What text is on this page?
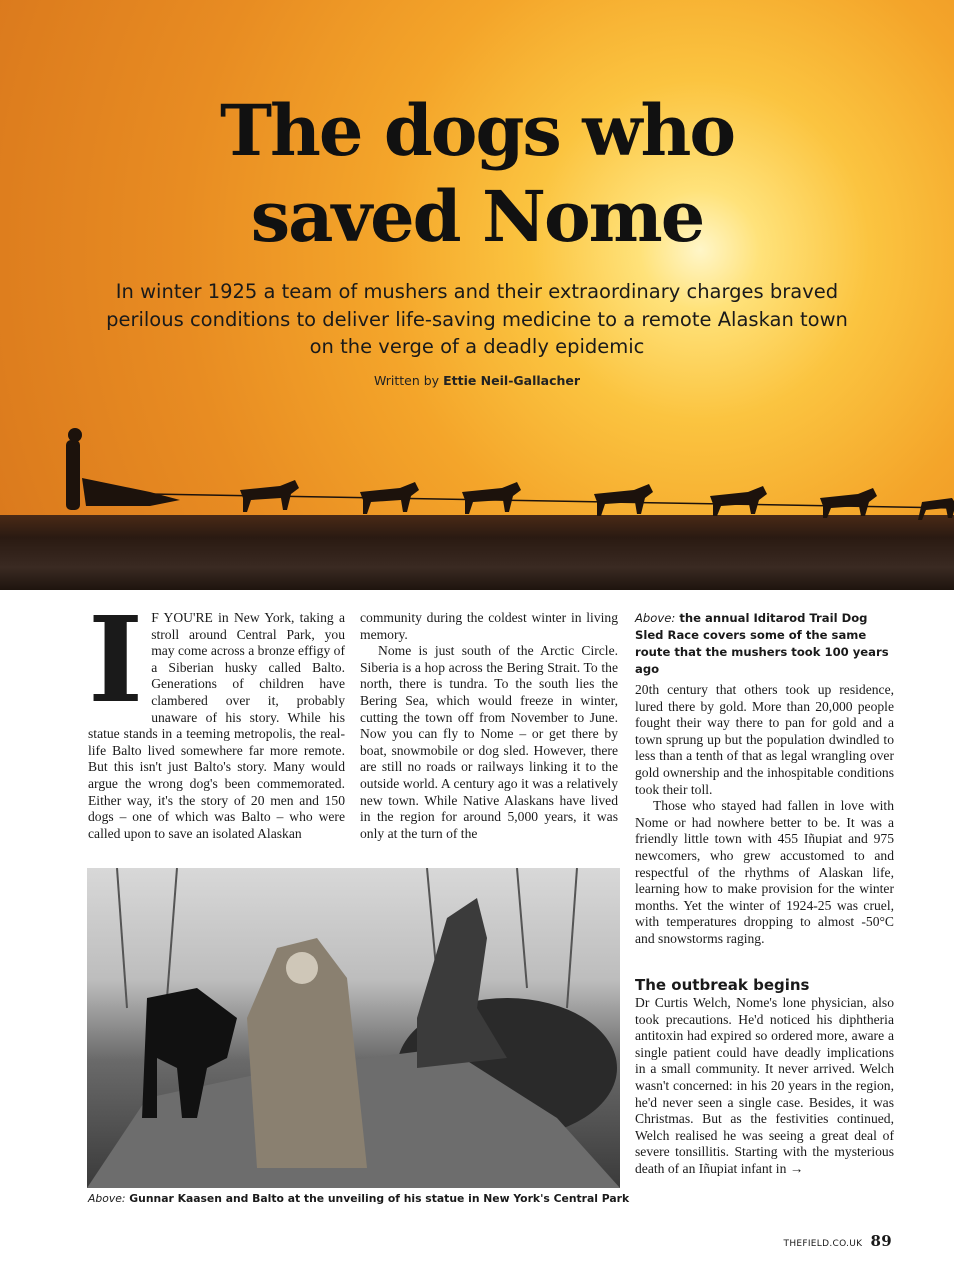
The dogs who
saved Nome

In winter 1925 a team of mushers and their extraordinary charges braved perilous conditions to deliver life-saving medicine to a remote Alaskan town on the verge of a deadly epidemic

Written by Ettie Neil-Gallacher

I F YOU'RE in New York, taking a stroll around Central Park, you may come across a bronze effigy of a Siberian husky called Balto. Generations of children have clambered over it, probably unaware of his story. While his statue stands in a teeming metropolis, the real-life Balto lived somewhere far more remote. But this isn't just Balto's story. Many would argue the wrong dog's been commemorated. Either way, it's the story of 20 men and 150 dogs – one of which was Balto – who were called upon to save an isolated Alaskan

community during the coldest winter in living memory.

Nome is just south of the Arctic Circle. Siberia is a hop across the Bering Strait. To the north, there is tundra. To the south lies the Bering Sea, which would freeze in winter, cutting the town off from November to June. Now you can fly to Nome – or get there by boat, snowmobile or dog sled. However, there are still no roads or railways linking it to the outside world. A century ago it was a relatively new town. While Native Alaskans have lived in the region for around 5,000 years, it was only at the turn of the

Above: the annual Iditarod Trail Dog Sled Race covers some of the same route that the mushers took 100 years ago

20th century that others took up residence, lured there by gold. More than 20,000 people fought their way there to pan for gold and a town sprung up but the population dwindled to less than a tenth of that as legal wrangling over gold ownership and the inhospitable conditions took their toll.

Those who stayed had fallen in love with Nome or had nowhere better to be. It was a friendly little town with 455 Iñupiat and 975 newcomers, who grew accustomed to and respectful of the rhythms of Alaskan life, learning how to make provision for the winter months. Yet the winter of 1924-25 was cruel, with temperatures dropping to almost -50°C and snowstorms raging.

The outbreak begins

Dr Curtis Welch, Nome's lone physician, also took precautions. He'd noticed his diphtheria antitoxin had expired so ordered more, aware a single patient could have deadly implications in a small community. It never arrived. Welch wasn't concerned: in his 20 years in the region, he'd never seen a single case. Besides, it was Christmas. But as the festivities continued, Welch realised he was seeing a great deal of severe tonsillitis. Starting with the mysterious death of an Iñupiat infant in →

Above: Gunnar Kaasen and Balto at the unveiling of his statue in New York's Central Park

THEFIELD.CO.UK 89
